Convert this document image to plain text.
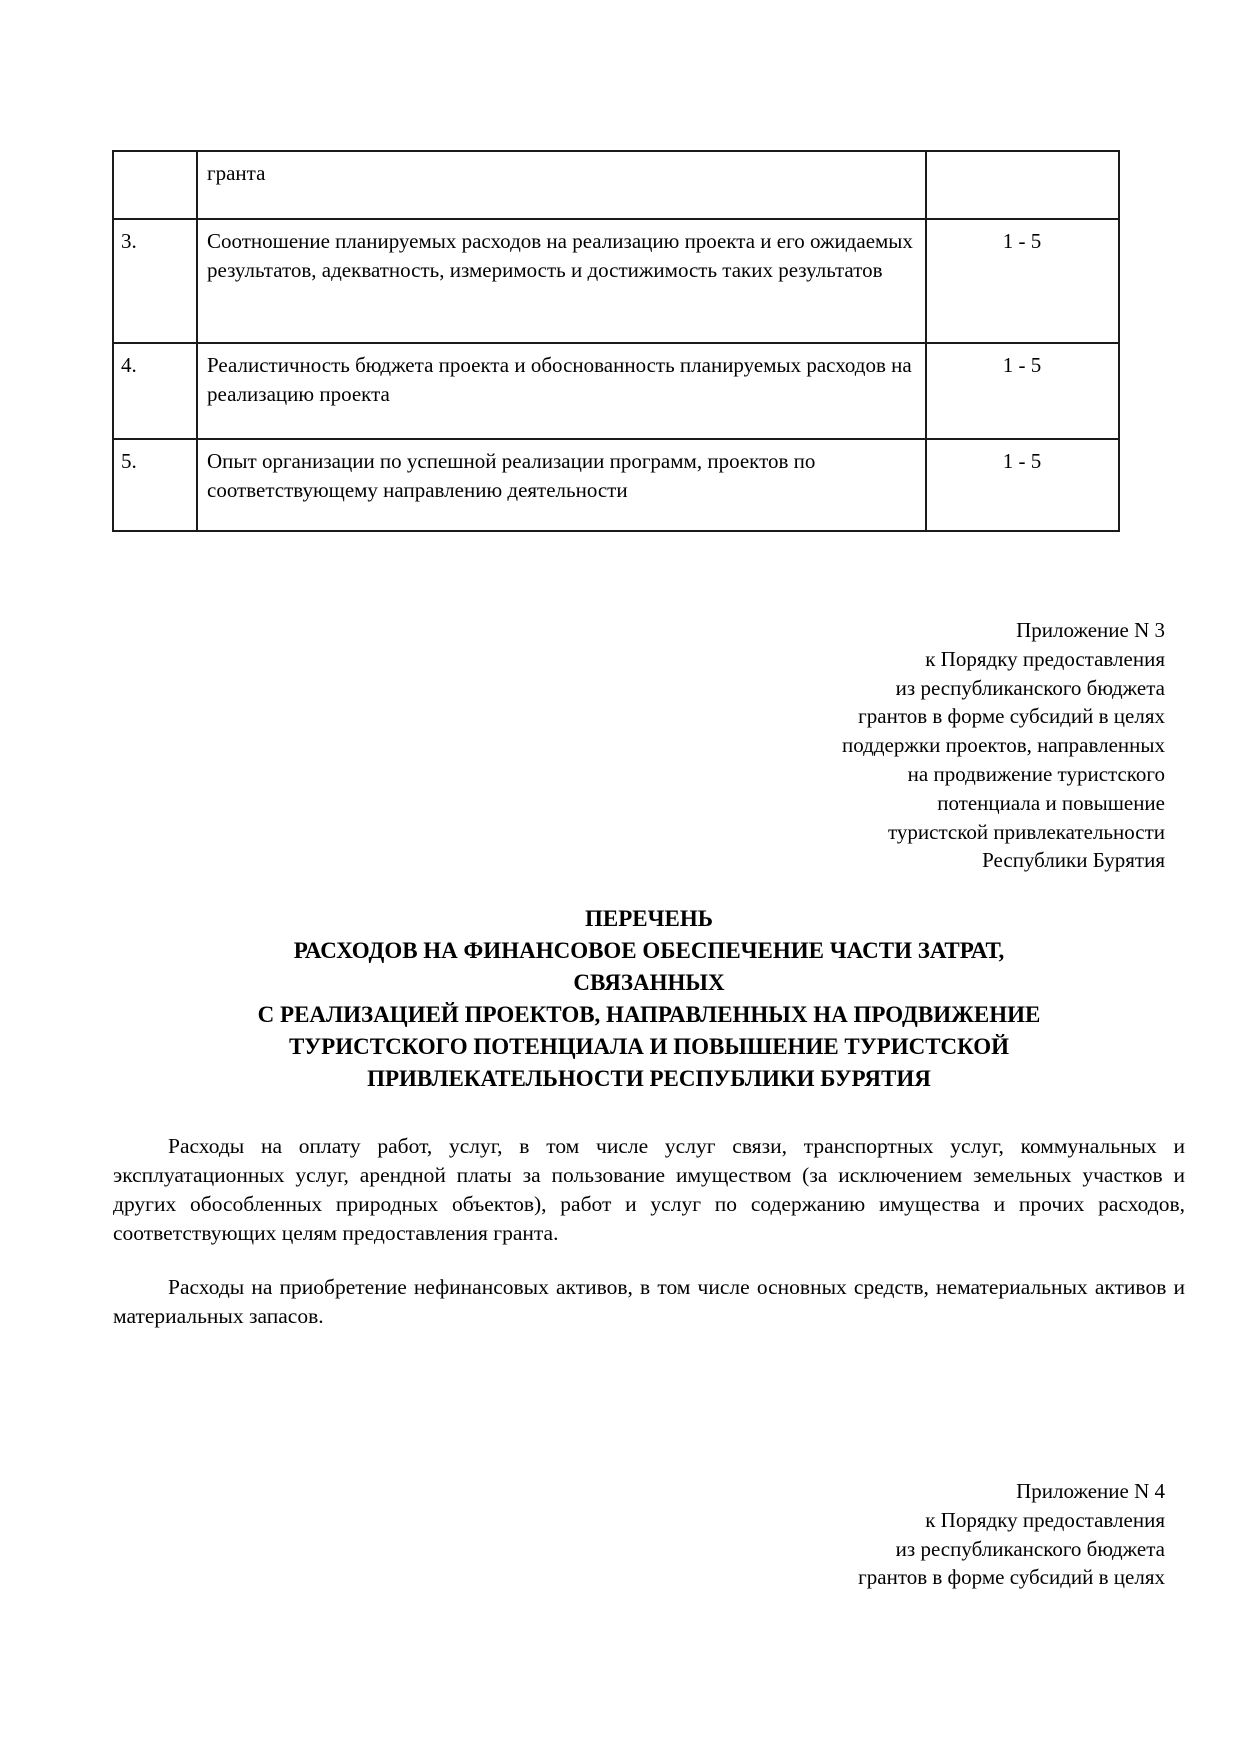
	гранта	
3.	Соотношение планируемых расходов на реализацию проекта и его ожидаемых результатов, адекватность, измеримость и достижимость таких результатов	1 - 5
4.	Реалистичность бюджета проекта и обоснованность планируемых расходов на реализацию проекта	1 - 5
5.	Опыт организации по успешной реализации программ, проектов по соответствующему направлению деятельности	1 - 5
Приложение N 3
к Порядку предоставления
из республиканского бюджета
грантов в форме субсидий в целях
поддержки проектов, направленных
на продвижение туристского
потенциала и повышение
туристской привлекательности
Республики Бурятия
ПЕРЕЧЕНЬ
РАСХОДОВ НА ФИНАНСОВОЕ ОБЕСПЕЧЕНИЕ ЧАСТИ ЗАТРАТ,
СВЯЗАННЫХ
С РЕАЛИЗАЦИЕЙ ПРОЕКТОВ, НАПРАВЛЕННЫХ НА ПРОДВИЖЕНИЕ
ТУРИСТСКОГО ПОТЕНЦИАЛА И ПОВЫШЕНИЕ ТУРИСТСКОЙ
ПРИВЛЕКАТЕЛЬНОСТИ РЕСПУБЛИКИ БУРЯТИЯ

Расходы на оплату работ, услуг, в том числе услуг связи, транспортных услуг, коммунальных и эксплуатационных услуг, арендной платы за пользование имуществом (за исключением земельных участков и других обособленных природных объектов), работ и услуг по содержанию имущества и прочих расходов, соответствующих целям предоставления гранта.

Расходы на приобретение нефинансовых активов, в том числе основных средств, нематериальных активов и материальных запасов.

Приложение N 4
к Порядку предоставления
из республиканского бюджета
грантов в форме субсидий в целях
